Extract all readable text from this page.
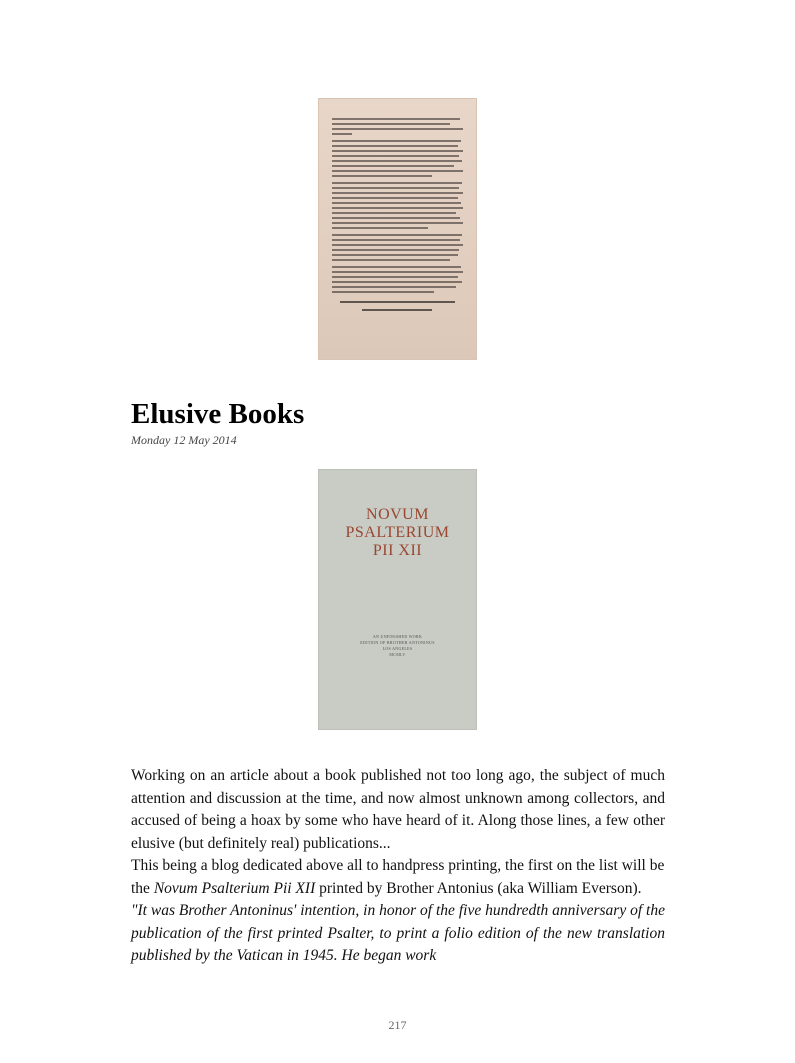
Elusive Books
Monday 12 May 2014
NOVUM
PSALTERIUM
PII XII
AN UNFINISHED WORK
EDITION OF BROTHER ANTONINUS
LOS ANGELES
MCMLV

Working on an article about a book published not too long ago, the subject of much attention and discussion at the time, and now almost unknown among collectors, and accused of being a hoax by some who have heard of it. Along those lines, a few other elusive (but definitely real) publications...

This being a blog dedicated above all to handpress printing, the first on the list will be the Novum Psalterium Pii XII printed by Brother Antonius (aka William Everson).

"It was Brother Antoninus' intention, in honor of the five hundredth anniversary of the publication of the first printed Psalter, to print a folio edition of the new translation published by the Vatican in 1945. He began work

217
